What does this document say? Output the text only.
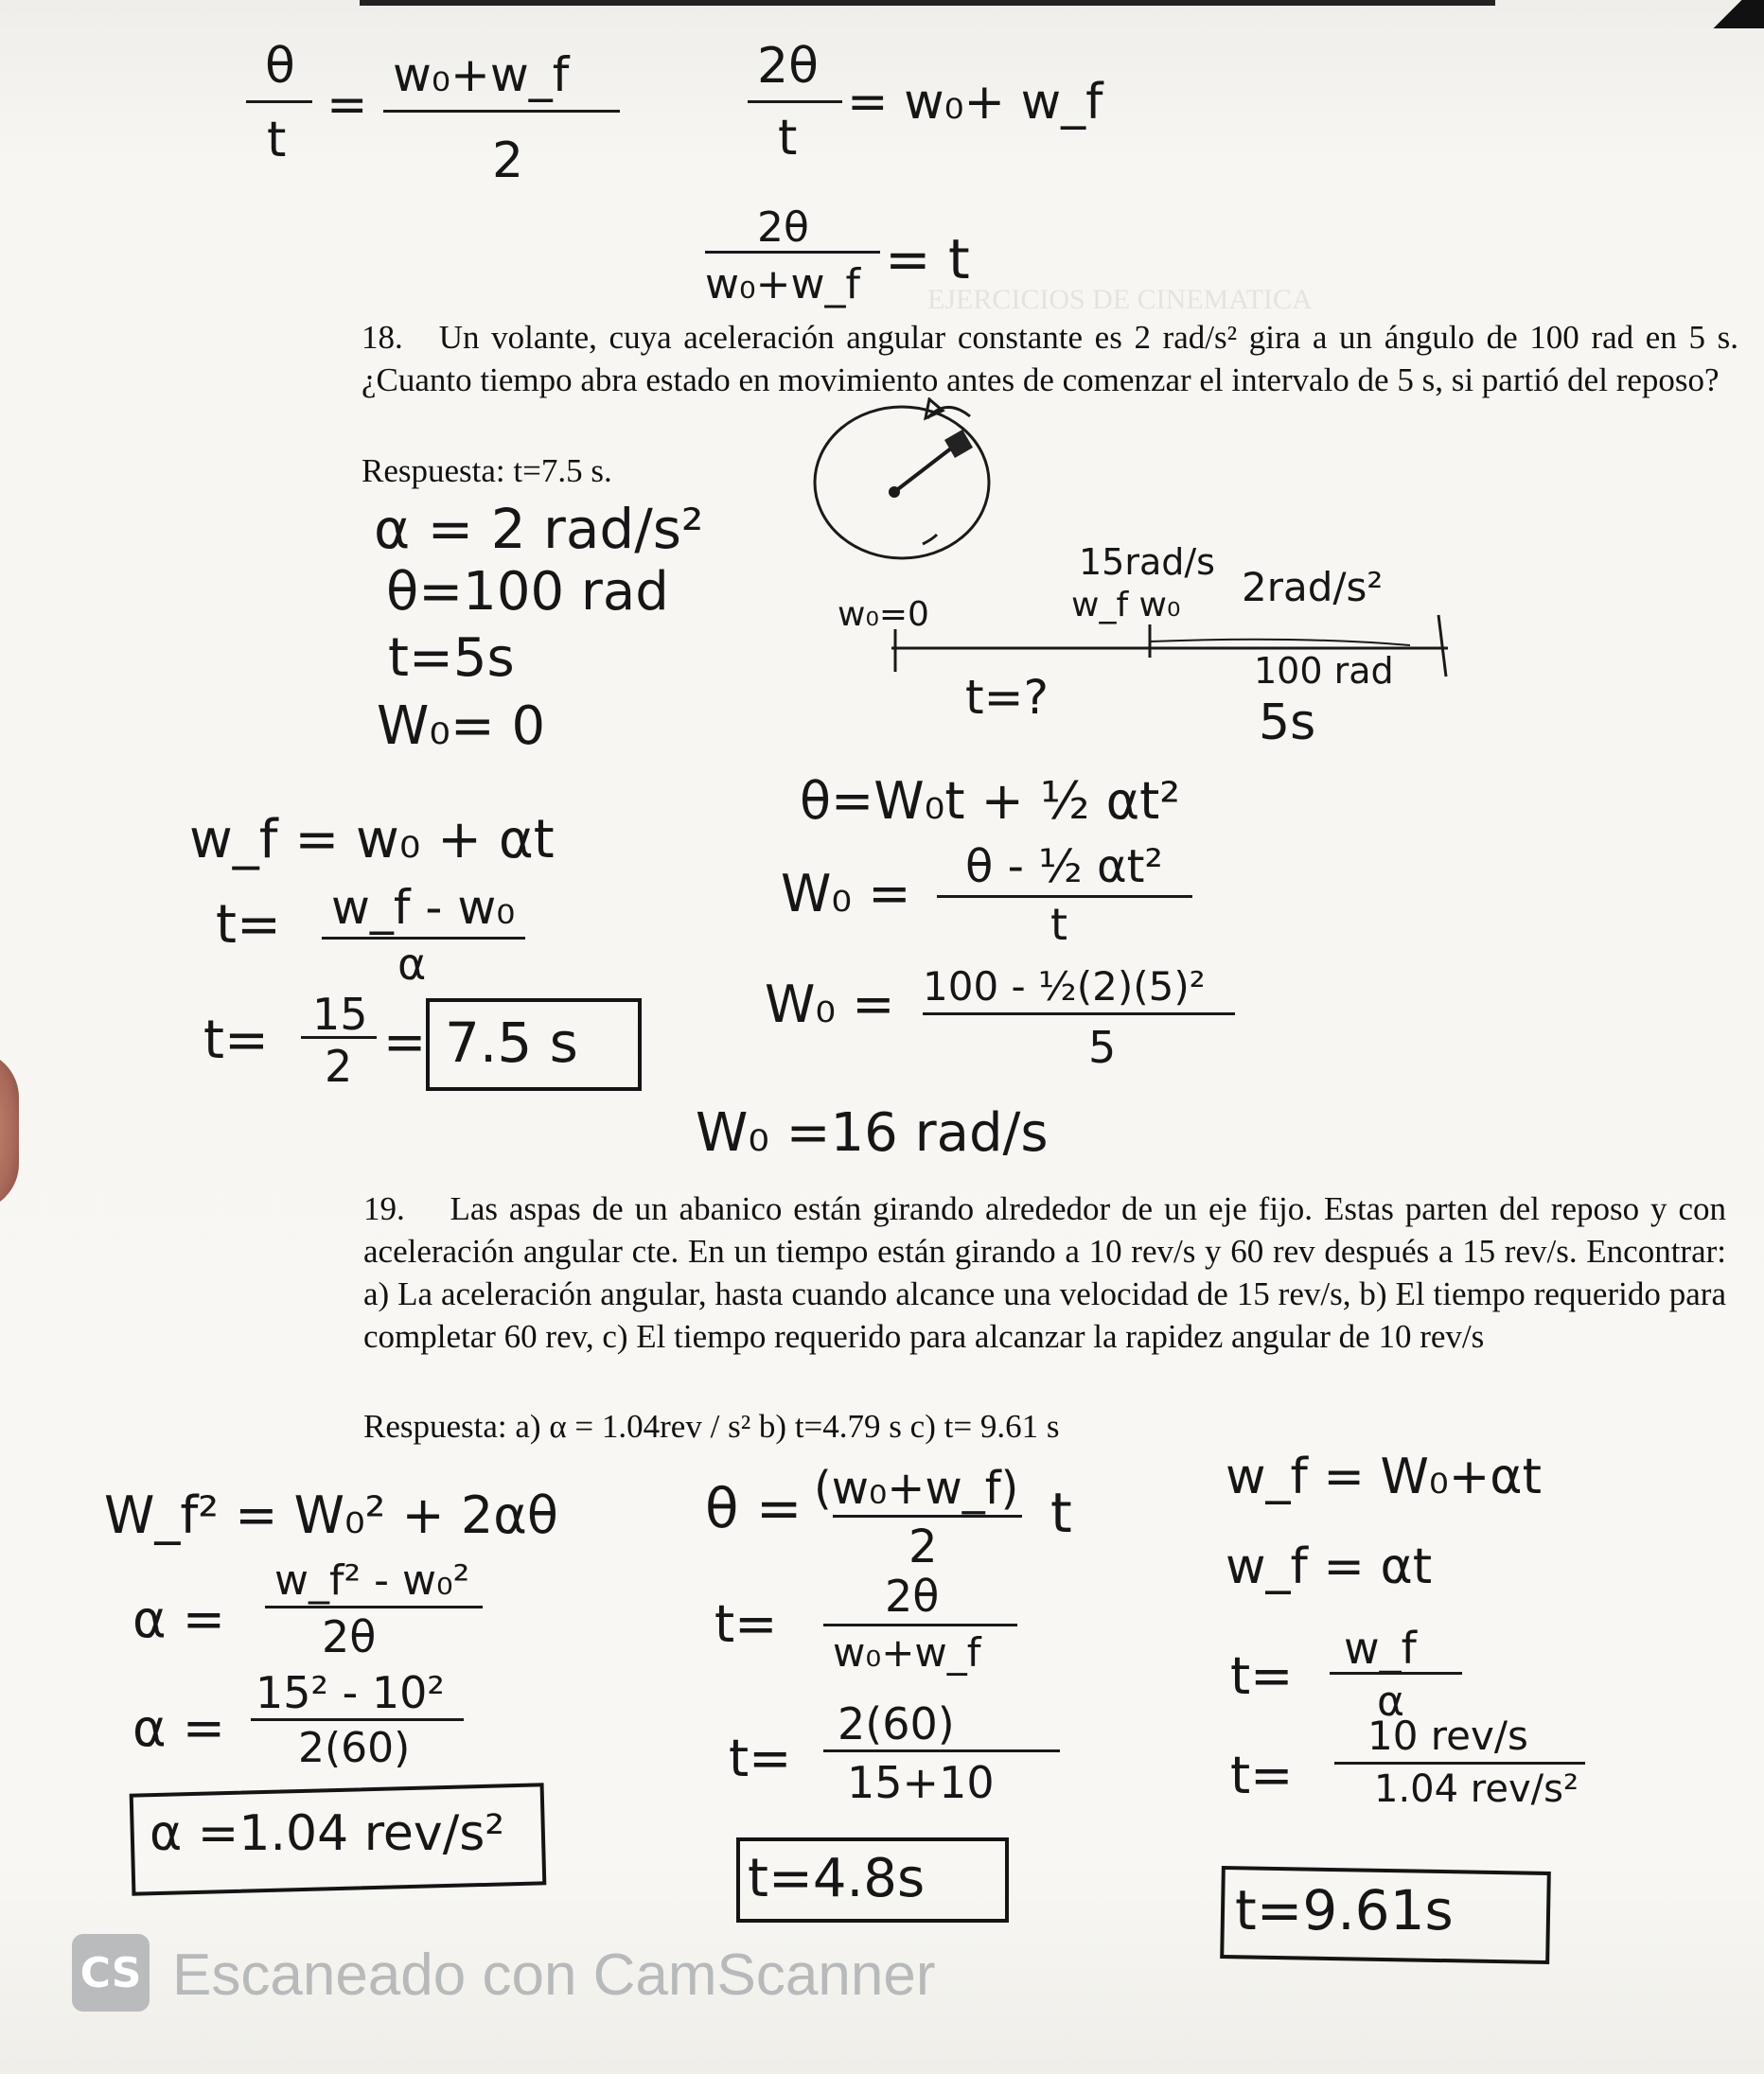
EJERCICIOS DE CINEMATICA
θ
t
=
w₀+w_f
2
2θ
t
= w₀+ w_f
2θ
w₀+w_f = t
18. Un volante, cuya aceleración angular constante es 2 rad/s² gira a un ángulo de 100 rad en 5 s. ¿Cuanto tiempo abra estado en movimiento antes de comenzar el intervalo de 5 s, si partió del reposo?
Respuesta: t=7.5 s.
α = 2 rad/s²
θ=100 rad
t=5s
W₀= 0
w₀=0
15rad/s
w_f w₀ 2rad/s²
t=?	100 rad
5s
w_f = w₀ + αt
t= w_f - w₀
α
t= 15
2 = 7.5 s
θ=W₀t + ½ αt²
W₀ = θ - ½ αt²
t
W₀ = 100 - ½(2)(5)²
5
W₀ =16 rad/s
19. Las aspas de un abanico están girando alrededor de un eje fijo. Estas parten del reposo y con aceleración angular cte. En un tiempo están girando a 10 rev/s y 60 rev después a 15 rev/s. Encontrar: a) La aceleración angular, hasta cuando alcance una velocidad de 15 rev/s, b) El tiempo requerido para completar 60 rev, c) El tiempo requerido para alcanzar la rapidez angular de 10 rev/s
Respuesta: a) α = 1.04rev / s² b) t=4.79 s c) t= 9.61 s
W_f² = W₀² + 2αθ
α =
w_f² - w₀²
2θ
α =
15² - 10²
2(60)
α =1.04 rev/s²
θ = (w₀+w_f)
2
t
t= 2θ
w₀+w_f
t=
2(60)
15+10
t=4.8s
w_f = W₀+αt
w_f = αt
t= w_f
α
t=
10 rev/s
1.04 rev/s²
t=9.61s
CS Escaneado con CamScanner
